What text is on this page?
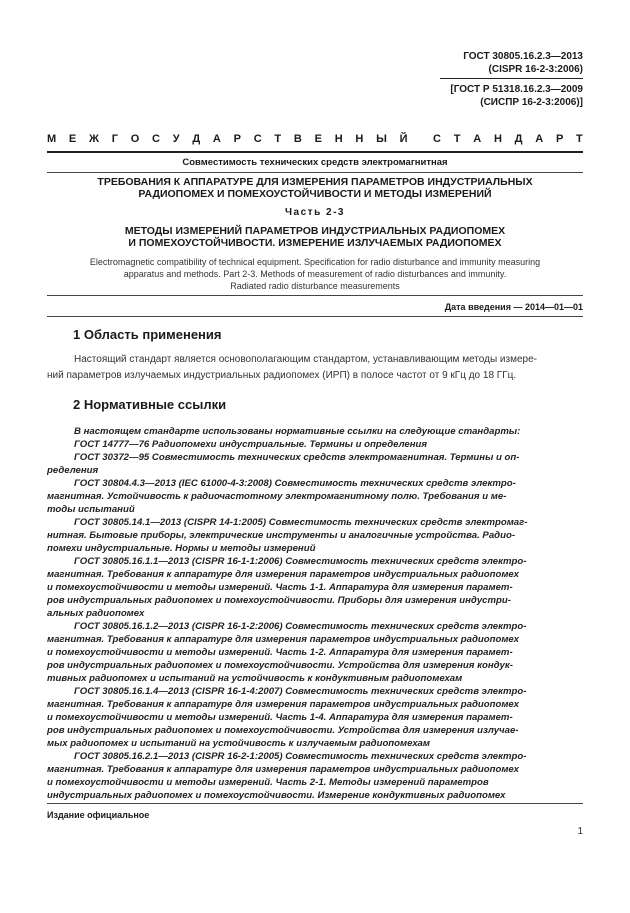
ГОСТ 30805.16.2.3—2013
(CISPR 16-2-3:2006)
[ГОСТ Р 51318.16.2.3—2009
(СИСПР 16-2-3:2006)]
М Е Ж Г О С У Д А Р С Т В Е Н Н Ы Й С Т А Н Д А Р Т
Совместимость технических средств электромагнитная
ТРЕБОВАНИЯ К АППАРАТУРЕ ДЛЯ ИЗМЕРЕНИЯ ПАРАМЕТРОВ ИНДУСТРИАЛЬНЫХ
РАДИОПОМЕХ И ПОМЕХОУСТОЙЧИВОСТИ И МЕТОДЫ ИЗМЕРЕНИЙ
Часть 2-3
МЕТОДЫ ИЗМЕРЕНИЙ ПАРАМЕТРОВ ИНДУСТРИАЛЬНЫХ РАДИОПОМЕХ
И ПОМЕХОУСТОЙЧИВОСТИ. ИЗМЕРЕНИЕ ИЗЛУЧАЕМЫХ РАДИОПОМЕХ
Electromagnetic compatibility of technical equipment. Specification for radio disturbance and immunity measuring
apparatus and methods. Part 2-3. Methods of measurement of radio disturbances and immunity.
Radiated radio disturbance measurements
Дата введения — 2014—01—01
1 Область применения
Настоящий стандарт является основополагающим стандартом, устанавливающим методы измере-
ний параметров излучаемых индустриальных радиопомех (ИРП) в полосе частот от 9 кГц до 18 ГГц.
2 Нормативные ссылки
В настоящем стандарте использованы нормативные ссылки на следующие стандарты:
ГОСТ 14777—76 Радиопомехи индустриальные. Термины и определения
ГОСТ 30372—95 Совместимость технических средств электромагнитная. Термины и оп-
ределения
ГОСТ 30804.4.3—2013 (IEC 61000-4-3:2008) Совместимость технических средств электро-
магнитная. Устойчивость к радиочастотному электромагнитному полю. Требования и ме-
тоды испытаний
ГОСТ 30805.14.1—2013 (CISPR 14-1:2005) Совместимость технических средств электромаг-
нитная. Бытовые приборы, электрические инструменты и аналогичные устройства. Радио-
помехи индустриальные. Нормы и методы измерений
ГОСТ 30805.16.1.1—2013 (CISPR 16-1-1:2006) Совместимость технических средств электро-
магнитная. Требования к аппаратуре для измерения параметров индустриальных радиопомех
и помехоустойчивости и методы измерений. Часть 1-1. Аппаратура для измерения парамет-
ров индустриальных радиопомех и помехоустойчивости. Приборы для измерения индустри-
альных радиопомех
ГОСТ 30805.16.1.2—2013 (CISPR 16-1-2:2006) Совместимость технических средств электро-
магнитная. Требования к аппаратуре для измерения параметров индустриальных радиопомех
и помехоустойчивости и методы измерений. Часть 1-2. Аппаратура для измерения парамет-
ров индустриальных радиопомех и помехоустойчивости. Устройства для измерения кондук-
тивных радиопомех и испытаний на устойчивость к кондуктивным радиопомехам
ГОСТ 30805.16.1.4—2013 (CISPR 16-1-4:2007) Совместимость технических средств электро-
магнитная. Требования к аппаратуре для измерения параметров индустриальных радиопомех
и помехоустойчивости и методы измерений. Часть 1-4. Аппаратура для измерения парамет-
ров индустриальных радиопомех и помехоустойчивости. Устройства для измерения излучае-
мых радиопомех и испытаний на устойчивость к излучаемым радиопомехам
ГОСТ 30805.16.2.1—2013 (CISPR 16-2-1:2005) Совместимость технических средств электро-
магнитная. Требования к аппаратуре для измерения параметров индустриальных радиопомех
и помехоустойчивости и методы измерений. Часть 2-1. Методы измерений параметров
индустриальных радиопомех и помехоустойчивости. Измерение кондуктивных радиопомех
Издание официальное
1
